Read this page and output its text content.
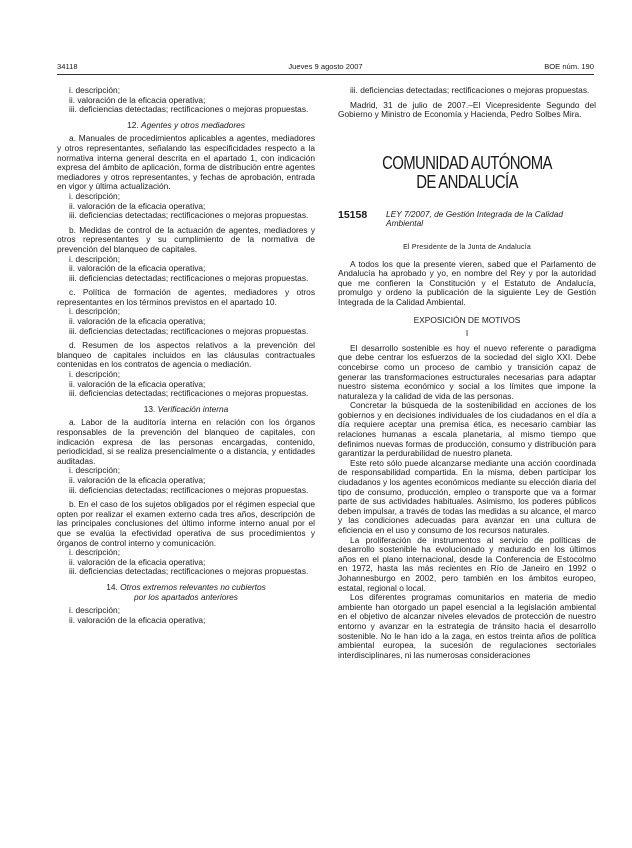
34118	Jueves 9 agosto 2007	BOE núm. 190

i. descripción;

ii. valoración de la eficacia operativa;

iii. deficiencias detectadas; rectificaciones o mejoras propuestas.

12. Agentes y otros mediadores

a. Manuales de procedimientos aplicables a agentes, mediadores y otros representantes, señalando las especificidades respecto a la normativa interna general descrita en el apartado 1, con indicación expresa del ámbito de aplicación, forma de distribución entre agentes mediadores y otros representantes, y fechas de aprobación, entrada en vigor y última actualización.

i. descripción;

ii. valoración de la eficacia operativa;

iii. deficiencias detectadas; rectificaciones o mejoras propuestas.

b. Medidas de control de la actuación de agentes, mediadores y otros representantes y su cumplimiento de la normativa de prevención del blanqueo de capitales.

i. descripción;

ii. valoración de la eficacia operativa;

iii. deficiencias detectadas; rectificaciones o mejoras propuestas.

c. Política de formación de agentes, mediadores y otros representantes en los términos previstos en el apartado 10.

i. descripción;

ii. valoración de la eficacia operativa;

iii. deficiencias detectadas; rectificaciones o mejoras propuestas.

d. Resumen de los aspectos relativos a la prevención del blanqueo de capitales incluidos en las cláusulas contractuales contenidas en los contratos de agencia o mediación.

i. descripción;

ii. valoración de la eficacia operativa;

iii. deficiencias detectadas; rectificaciones o mejoras propuestas.

13. Verificación interna

a. Labor de la auditoría interna en relación con los órganos responsables de la prevención del blanqueo de capitales, con indicación expresa de las personas encargadas, contenido, periodicidad, si se realiza presencialmente o a distancia, y entidades auditadas.

i. descripción;

ii. valoración de la eficacia operativa;

iii. deficiencias detectadas; rectificaciones o mejoras propuestas.

b. En el caso de los sujetos obligados por el régimen especial que opten por realizar el examen externo cada tres años, descripción de las principales conclusiones del último informe interno anual por el que se evalúa la efectividad operativa de sus procedimientos y órganos de control interno y comunicación.

i. descripción;

ii. valoración de la eficacia operativa;

iii. deficiencias detectadas; rectificaciones o mejoras propuestas.

14. Otros extremos relevantes no cubiertos
por los apartados anteriores

i. descripción;

ii. valoración de la eficacia operativa;

iii. deficiencias detectadas; rectificaciones o mejoras propuestas.

Madrid, 31 de julio de 2007.–El Vicepresidente Segundo del Gobierno y Ministro de Economía y Hacienda, Pedro Solbes Mira.

COMUNIDAD AUTÓNOMA
DE ANDALUCÍA

15158	LEY 7/2007, de Gestión Integrada de la Calidad Ambiental

El Presidente de la Junta de Andalucía

A todos los que la presente vieren, sabed que el Parlamento de Andalucía ha aprobado y yo, en nombre del Rey y por la autoridad que me confieren la Constitución y el Estatuto de Andalucía, promulgo y ordeno la publicación de la siguiente Ley de Gestión Integrada de la Calidad Ambiental.

EXPOSICIÓN DE MOTIVOS

I

El desarrollo sostenible es hoy el nuevo referente o paradigma que debe centrar los esfuerzos de la sociedad del siglo XXI. Debe concebirse como un proceso de cambio y transición capaz de generar las transformaciones estructurales necesarias para adaptar nuestro sistema económico y social a los límites que impone la naturaleza y la calidad de vida de las personas.

Concretar la búsqueda de la sostenibilidad en acciones de los gobiernos y en decisiones individuales de los ciudadanos en el día a día requiere aceptar una premisa ética, es necesario cambiar las relaciones humanas a escala planetaria, al mismo tiempo que definimos nuevas formas de producción, consumo y distribución para garantizar la perdurabilidad de nuestro planeta.

Este reto sólo puede alcanzarse mediante una acción coordinada de responsabilidad compartida. En la misma, deben participar los ciudadanos y los agentes económicos mediante su elección diaria del tipo de consumo, producción, empleo o transporte que va a formar parte de sus actividades habituales. Asimismo, los poderes públicos deben impulsar, a través de todas las medidas a su alcance, el marco y las condiciones adecuadas para avanzar en una cultura de eficiencia en el uso y consumo de los recursos naturales.

La proliferación de instrumentos al servicio de políticas de desarrollo sostenible ha evolucionado y madurado en los últimos años en el plano internacional, desde la Conferencia de Estocolmo en 1972, hasta las más recientes en Río de Janeiro en 1992 o Johannesburgo en 2002, pero también en los ámbitos europeo, estatal, regional o local.

Los diferentes programas comunitarios en materia de medio ambiente han otorgado un papel esencial a la legislación ambiental en el objetivo de alcanzar niveles elevados de protección de nuestro entorno y avanzar en la estrategia de tránsito hacia el desarrollo sostenible. No le han ido a la zaga, en estos treinta años de política ambiental europea, la sucesión de regulaciones sectoriales interdisciplinares, ni las numerosas consideraciones
